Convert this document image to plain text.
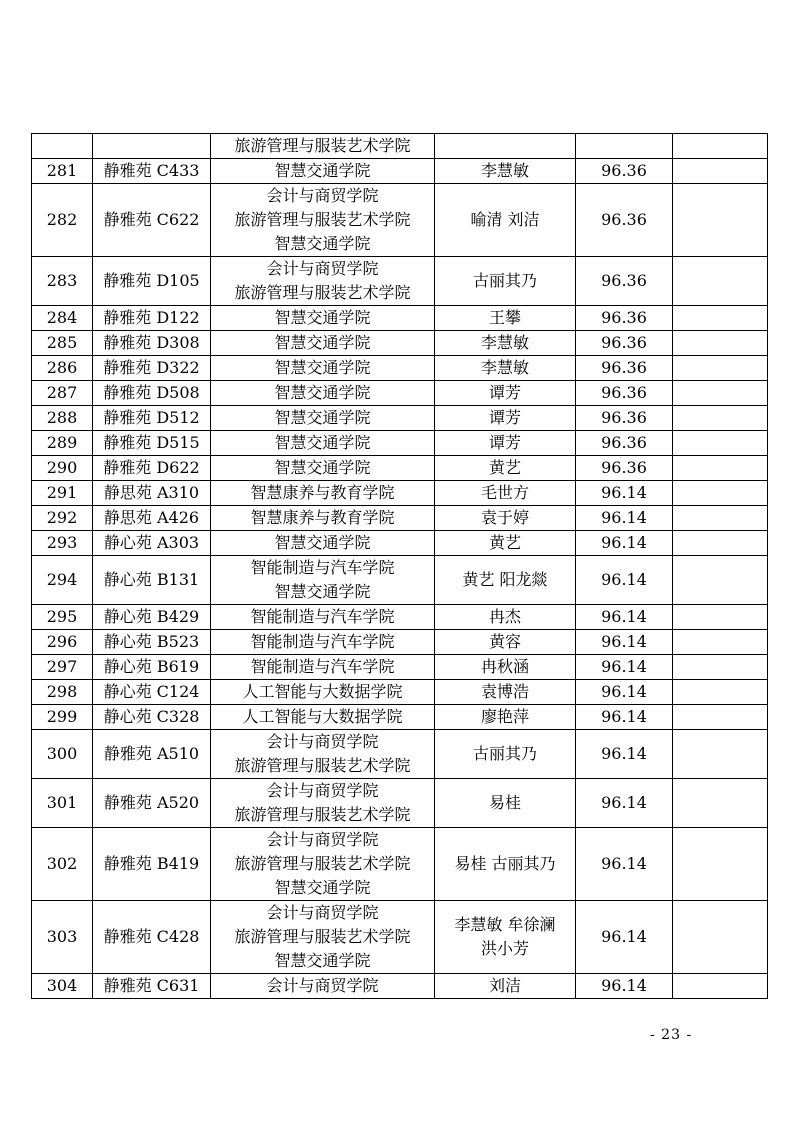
		旅游管理与服装艺术学院			

281	静雅苑 C433	智慧交通学院	李慧敏	96.36	
282	静雅苑 C622	会计与商贸学院
旅游管理与服装艺术学院
智慧交通学院	喻清 刘洁	96.36	
283	静雅苑 D105	会计与商贸学院
旅游管理与服装艺术学院	古丽其乃	96.36	
284	静雅苑 D122	智慧交通学院	王攀	96.36	
285	静雅苑 D308	智慧交通学院	李慧敏	96.36	
286	静雅苑 D322	智慧交通学院	李慧敏	96.36	
287	静雅苑 D508	智慧交通学院	谭芳	96.36	
288	静雅苑 D512	智慧交通学院	谭芳	96.36	
289	静雅苑 D515	智慧交通学院	谭芳	96.36	
290	静雅苑 D622	智慧交通学院	黄艺	96.36	
291	静思苑 A310	智慧康养与教育学院	毛世方	96.14	
292	静思苑 A426	智慧康养与教育学院	袁于婷	96.14	
293	静心苑 A303	智慧交通学院	黄艺	96.14	
294	静心苑 B131	智能制造与汽车学院
智慧交通学院	黄艺 阳龙燚	96.14	
295	静心苑 B429	智能制造与汽车学院	冉杰	96.14	
296	静心苑 B523	智能制造与汽车学院	黄容	96.14	
297	静心苑 B619	智能制造与汽车学院	冉秋涵	96.14	
298	静心苑 C124	人工智能与大数据学院	袁博浩	96.14	
299	静心苑 C328	人工智能与大数据学院	廖艳萍	96.14	
300	静雅苑 A510	会计与商贸学院
旅游管理与服装艺术学院	古丽其乃	96.14	
301	静雅苑 A520	会计与商贸学院
旅游管理与服装艺术学院	易桂	96.14	
302	静雅苑 B419	会计与商贸学院
旅游管理与服装艺术学院
智慧交通学院	易桂 古丽其乃	96.14	
303	静雅苑 C428	会计与商贸学院
旅游管理与服装艺术学院
智慧交通学院	李慧敏 牟徐澜
洪小芳	96.14	
304	静雅苑 C631	会计与商贸学院	刘洁	96.14	
- 23 -
